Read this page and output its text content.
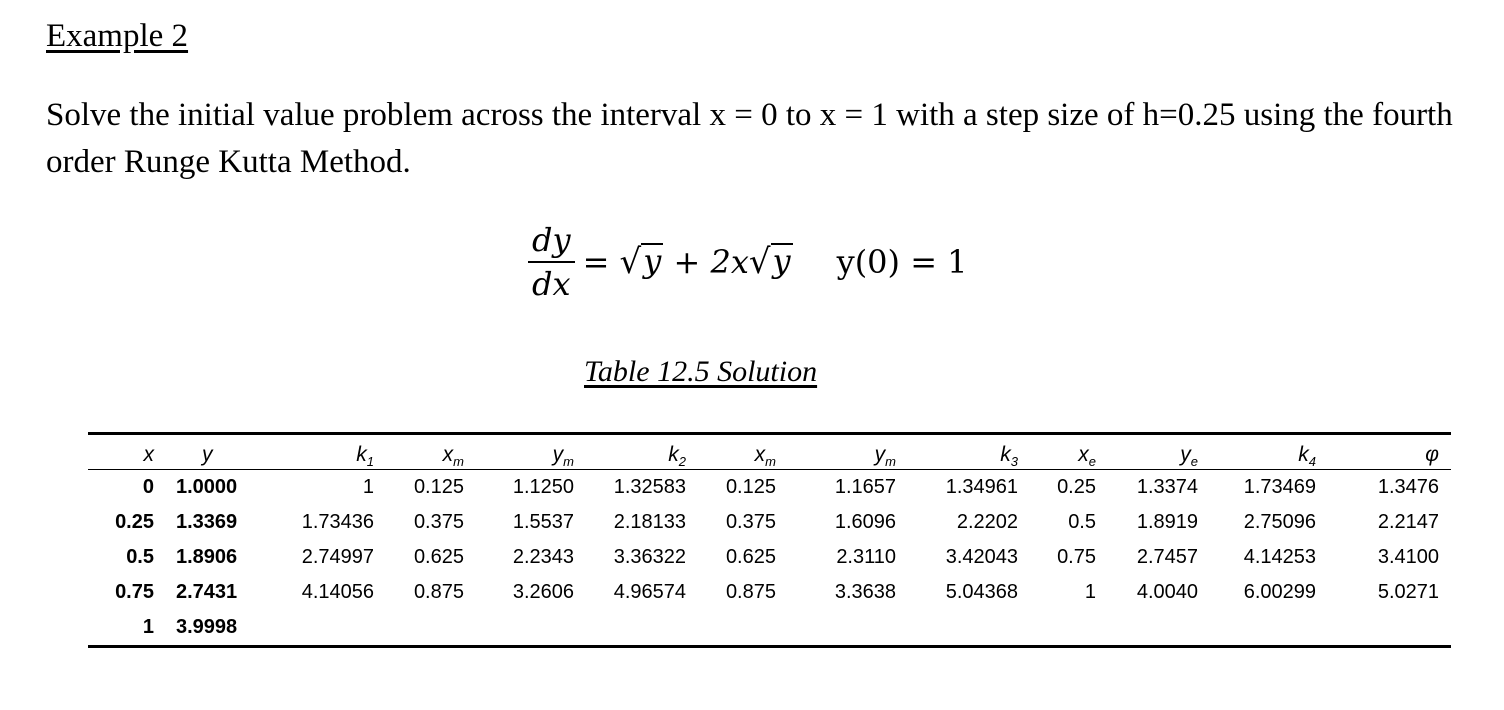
Example 2
Solve the initial value problem across the interval x = 0 to x = 1 with a step size of h=0.25 using the fourth order Runge Kutta Method.
$\frac{dy}{dx}$ = √ y + 2x √ y y(0) = 1
Table 12.5 Solution
x	y	$k_1$	$x_m$	$y_m$	$k_2$	$x_m$	$y_m$	$k_3$	$x_e$	$y_e$	$k_4$	φ
0	1.0000	1	0.125	1.1250	1.32583	0.125	1.1657	1.34961	0.25	1.3374	1.73469	1.3476
0.25	1.3369	1.73436	0.375	1.5537	2.18133	0.375	1.6096	2.2202	0.5	1.8919	2.75096	2.2147
0.5	1.8906	2.74997	0.625	2.2343	3.36322	0.625	2.3110	3.42043	0.75	2.7457	4.14253	3.4100
0.75	2.7431	4.14056	0.875	3.2606	4.96574	0.875	3.3638	5.04368	1	4.0040	6.00299	5.0271
1	3.9998											
